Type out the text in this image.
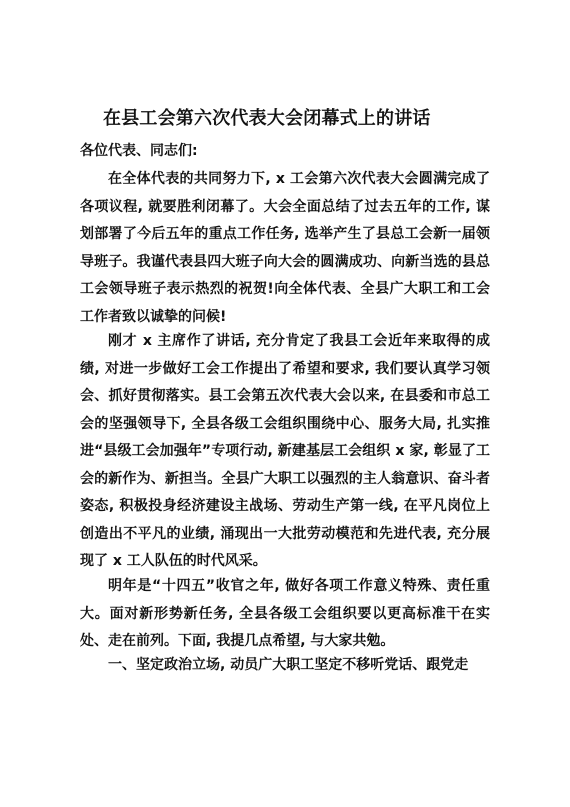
在县工会第六次代表大会闭幕式上的讲话
各位代表、同志们:

在全体代表的共同努力下, x 工会第六次代表大会圆满完成了各项议程, 就要胜利闭幕了。大会全面总结了过去五年的工作, 谋划部署了今后五年的重点工作任务, 选举产生了县总工会新一届领导班子。我谨代表县四大班子向大会的圆满成功、向新当选的县总工会领导班子表示热烈的祝贺!向全体代表、全县广大职工和工会工作者致以诚挚的问候!

刚才 x 主席作了讲话, 充分肯定了我县工会近年来取得的成绩, 对进一步做好工会工作提出了希望和要求, 我们要认真学习领会、抓好贯彻落实。县工会第五次代表大会以来, 在县委和市总工会的坚强领导下, 全县各级工会组织围绕中心、服务大局, 扎实推进“县级工会加强年”专项行动, 新建基层工会组织 x 家, 彰显了工会的新作为、新担当。全县广大职工以强烈的主人翁意识、奋斗者姿态, 积极投身经济建设主战场、劳动生产第一线, 在平凡岗位上创造出不平凡的业绩, 涌现出一大批劳动模范和先进代表, 充分展现了 x 工人队伍的时代风采。

明年是“十四五”收官之年, 做好各项工作意义特殊、责任重大。面对新形势新任务, 全县各级工会组织要以更高标准干在实处、走在前列。下面, 我提几点希望, 与大家共勉。

一、坚定政治立场, 动员广大职工坚定不移听党话、跟党走
